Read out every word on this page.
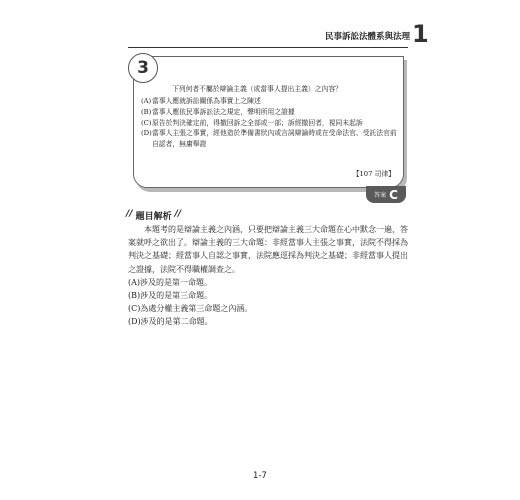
民事訴訟法體系與法理 1
3
下列何者不屬於辯論主義（或當事人提出主義）之內容？
(A) 當事人應就訴訟關係為事實上之陳述
(B) 當事人應依民事訴訟法之規定，聲明所用之證據
(C) 原告於判決確定前，得撤回訴之全部或一部；訴經撤回者，視同未起訴
(D) 當事人主張之事實，經他造於準備書狀內或言詞辯論時或在受命法官、受託法官前自認者，無庸舉證
【107 司律】
答案 C
// 題目解析 //

本題考的是辯論主義之內涵，只要把辯論主義三大命題在心中默念一遍，答案就呼之欲出了。辯論主義的三大命題：非經當事人主張之事實，法院不得採為判決之基礎；經當事人自認之事實，法院應逕採為判決之基礎；非經當事人提出之證據，法院不得職權調查之。

(A) 涉及的是第一命題。
(B) 涉及的是第三命題。
(C) 為處分權主義第三命題之內涵。
(D) 涉及的是第二命題。
1-7
